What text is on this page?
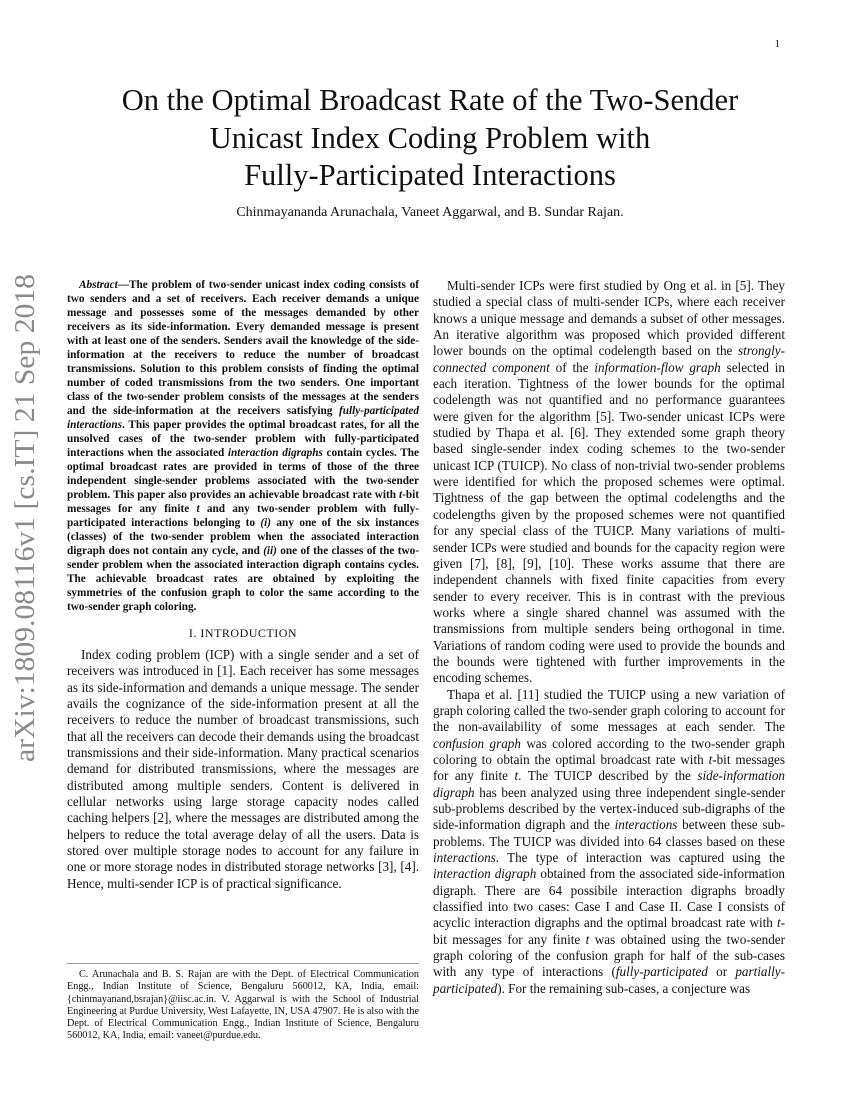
1
arXiv:1809.08116v1 [cs.IT] 21 Sep 2018
On the Optimal Broadcast Rate of the Two-Sender
Unicast Index Coding Problem with
Fully-Participated Interactions
Chinmayananda Arunachala, Vaneet Aggarwal, and B. Sundar Rajan.

Abstract—The problem of two-sender unicast index coding consists of two senders and a set of receivers. Each receiver demands a unique message and possesses some of the messages demanded by other receivers as its side-information. Every demanded message is present with at least one of the senders. Senders avail the knowledge of the side-information at the receivers to reduce the number of broadcast transmissions. Solution to this problem consists of finding the optimal number of coded transmissions from the two senders. One important class of the two-sender problem consists of the messages at the senders and the side-information at the receivers satisfying fully-participated interactions. This paper provides the optimal broadcast rates, for all the unsolved cases of the two-sender problem with fully-participated interactions when the associated interaction digraphs contain cycles. The optimal broadcast rates are provided in terms of those of the three independent single-sender problems associated with the two-sender problem. This paper also provides an achievable broadcast rate with t-bit messages for any finite t and any two-sender problem with fully-participated interactions belonging to (i) any one of the six instances (classes) of the two-sender problem when the associated interaction digraph does not contain any cycle, and (ii) one of the classes of the two-sender problem when the associated interaction digraph contains cycles. The achievable broadcast rates are obtained by exploiting the symmetries of the confusion graph to color the same according to the two-sender graph coloring.

I. INTRODUCTION

Index coding problem (ICP) with a single sender and a set of receivers was introduced in [1]. Each receiver has some messages as its side-information and demands a unique message. The sender avails the cognizance of the side-information present at all the receivers to reduce the number of broadcast transmissions, such that all the receivers can decode their demands using the broadcast transmissions and their side-information. Many practical scenarios demand for distributed transmissions, where the messages are distributed among multiple senders. Content is delivered in cellular networks using large storage capacity nodes called caching helpers [2], where the messages are distributed among the helpers to reduce the total average delay of all the users. Data is stored over multiple storage nodes to account for any failure in one or more storage nodes in distributed storage networks [3], [4]. Hence, multi-sender ICP is of practical significance.

C. Arunachala and B. S. Rajan are with the Dept. of Electrical Communication Engg., Indian Institute of Science, Bengaluru 560012, KA, India, email: {chinmayanand,bsrajan}@iisc.ac.in. V. Aggarwal is with the School of Industrial Engineering at Purdue University, West Lafayette, IN, USA 47907. He is also with the Dept. of Electrical Communication Engg., Indian Institute of Science, Bengaluru 560012, KA, India, email: vaneet@purdue.edu.

Multi-sender ICPs were first studied by Ong et al. in [5]. They studied a special class of multi-sender ICPs, where each receiver knows a unique message and demands a subset of other messages. An iterative algorithm was proposed which provided different lower bounds on the optimal codelength based on the strongly-connected component of the information-flow graph selected in each iteration. Tightness of the lower bounds for the optimal codelength was not quantified and no performance guarantees were given for the algorithm [5]. Two-sender unicast ICPs were studied by Thapa et al. [6]. They extended some graph theory based single-sender index coding schemes to the two-sender unicast ICP (TUICP). No class of non-trivial two-sender problems were identified for which the proposed schemes were optimal. Tightness of the gap between the optimal codelengths and the codelengths given by the proposed schemes were not quantified for any special class of the TUICP. Many variations of multi-sender ICPs were studied and bounds for the capacity region were given [7], [8], [9], [10]. These works assume that there are independent channels with fixed finite capacities from every sender to every receiver. This is in contrast with the previous works where a single shared channel was assumed with the transmissions from multiple senders being orthogonal in time. Variations of random coding were used to provide the bounds and the bounds were tightened with further improvements in the encoding schemes.

Thapa et al. [11] studied the TUICP using a new variation of graph coloring called the two-sender graph coloring to account for the non-availability of some messages at each sender. The confusion graph was colored according to the two-sender graph coloring to obtain the optimal broadcast rate with t-bit messages for any finite t. The TUICP described by the side-information digraph has been analyzed using three independent single-sender sub-problems described by the vertex-induced sub-digraphs of the side-information digraph and the interactions between these sub-problems. The TUICP was divided into 64 classes based on these interactions. The type of interaction was captured using the interaction digraph obtained from the associated side-information digraph. There are 64 possibile interaction digraphs broadly classified into two cases: Case I and Case II. Case I consists of acyclic interaction digraphs and the optimal broadcast rate with t-bit messages for any finite t was obtained using the two-sender graph coloring of the confusion graph for half of the sub-cases with any type of interactions (fully-participated or partially-participated). For the remaining sub-cases, a conjecture was
